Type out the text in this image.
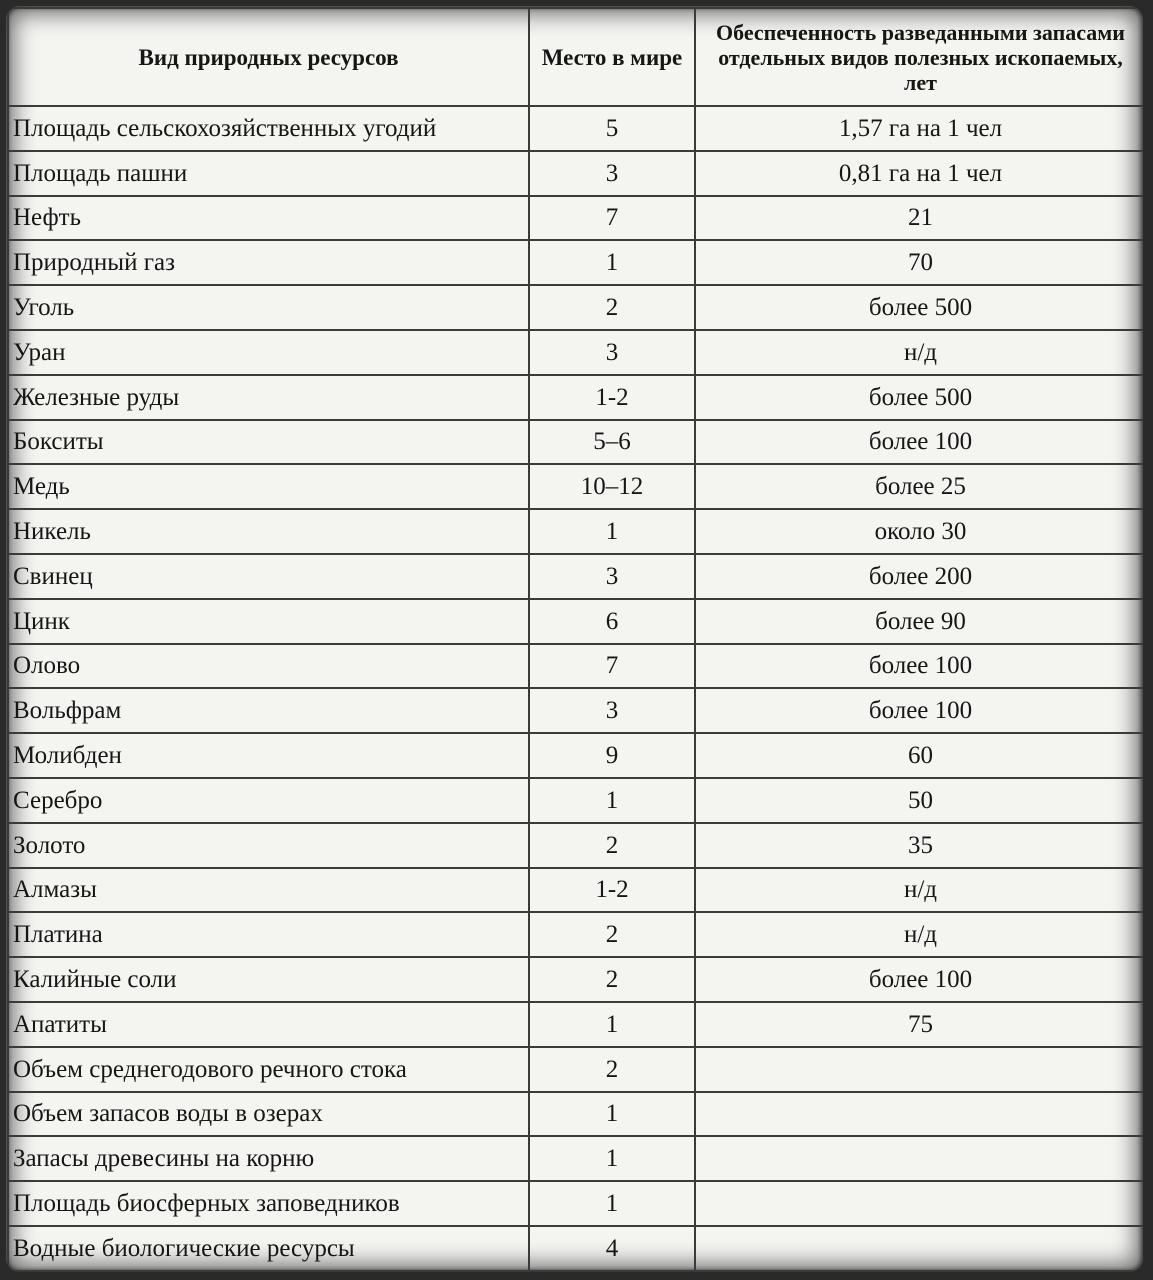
Вид природных ресурсов	Место в мире	Обеспеченность разведанными запасами отдельных видов полезных ископаемых, лет
Площадь сельскохозяйственных угодий	5	1,57 га на 1 чел
Площадь пашни	3	0,81 га на 1 чел
Нефть	7	21
Природный газ	1	70
Уголь	2	более 500
Уран	3	н/д
Железные руды	1-2	более 500
Бокситы	5–6	более 100
Медь	10–12	более 25
Никель	1	около 30
Свинец	3	более 200
Цинк	6	более 90
Олово	7	более 100
Вольфрам	3	более 100
Молибден	9	60
Серебро	1	50
Золото	2	35
Алмазы	1-2	н/д
Платина	2	н/д
Калийные соли	2	более 100
Апатиты	1	75
Объем среднегодового речного стока	2	
Объем запасов воды в озерах	1	
Запасы древесины на корню	1	
Площадь биосферных заповедников	1	
Водные биологические ресурсы	4	
